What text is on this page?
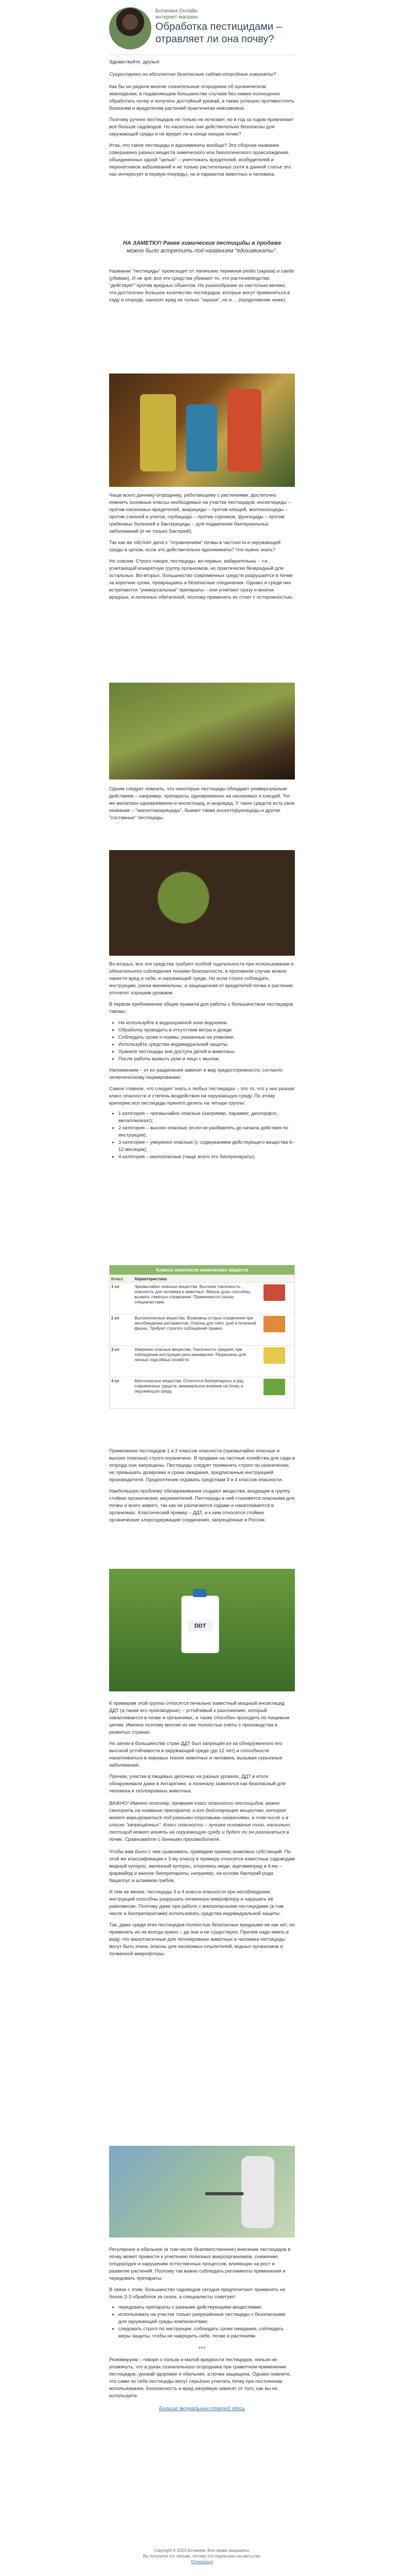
Ботаника Онлайн
интернет-магазин
Обработка пестицидами – отравляет ли она почву?

Здравствуйте, друзья!

Существуют ли абсолютно безопасные садово-огородные химикаты?

Как бы ни рядили многие сознательные огородники об органическом земледелии, в подавляющем большинстве случаев без химии полноценно обработать почву и получить достойный урожай, а также успешно противостоять болезням и вредителям растений практически невозможно.

Поэтому ручное пестицидов не только не исчезает, но и год за годом привлекает всё больше садоводов. Но насколько они действительно безопасны для окружающей среды и не вредят ли в конце концов почве?

Итак, что такое пестициды и ядохимикаты вообще? Это сборное название совершенно разных веществ химического или биологического происхождения, объединенных одной "целью" – уничтожать вредителей, возбудителей и переносчиков заболеваний и не только растительных (хотя в данной статье это нас интересует в первую очередь), но и паразитов животных и человека.

НА ЗАМЕТКУ! Ранее химические пестициды в продаже
можно было встретить под названием "ядохимикаты".

Название "пестициды" происходит от латинских терминов pestis (зараза) и caedo (убиваю). И не зря: все эти средства убивают то, что растениеводство "действует" против вредных объектов. Но разнообразие их настолько велико, что достаточно большое количество пестицидов, которые могут применяться в саду и огороде, наносят вред не только "зараза", но и ... (продолжение ниже).

Чаще всего дачнику-огороднику, работающему с растениями, достаточно помнить основные классы необходимых на участке пестицидов: инсектициды – против насекомых-вредителей, акарициды – против клещей, моллюскоциды – против слизней и улиток, гербициды – против сорняков, фунгициды – против грибковых болезней и бактерициды – для подавления бактериальных заболеваний (и не только бактерий).

Так как же обстоит дело с "отравлением" почвы в частности и окружающей среды в целом, если это действительно ядохимикаты? Что нужно знать?

Не совсем. Строго говоря, пестициды, во-первых, избирательны – т.е., угнетающий конкретную группу организмов, но практически безвредный для остальных. Во-вторых, большинство современных средств разрушается в почве за короткие сроки, превращаясь в безопасные соединения. Однако и среди них встречаются "универсальные" препараты – они угнетают сразу и многих вредных, и полезных обитателей, поэтому применять их стоит с осторожностью.

Одним следует помнить, что некоторые пестициды обладают универсальным действием – например, препараты, одновременно на насекомых и клещей. Тот же малатион одновременно и инсектицид, и акарицид. У таких средств есть свое название – "инсектоакарициды", бывает также инсектофунгициды и другие "составные" пестициды.

Во-вторых, все эти средства требуют особой тщательности при использовании и обязательного соблюдения техники безопасности, в противном случае можно нанести вред и себе, и окружающей среде. Но если строго соблюдать инструкцию, риски минимальны, а защищенная от вредителей почва и растения отплатят хорошим урожаем.

В первом приближении общие правила для работы с большинством пестицидов таковы:

• Не используйте в водоохранной зоне водоемов.
• Обработку проводить в отсутствие ветра и дождя.
• Соблюдать сроки и нормы, указанные на упаковке.
• Используйте средства индивидуальной защиты.
• Храните пестициды вне доступа детей и животных.
• После работы вымыть руки и лицо с мылом.

Напоминаем – от их разделения зависит и вид предосторожности, согласно гигиеническому нормированию:

Самое главное, что следует знать о любых пестицидах – это то, что у них разная класс опасности и степень воздействия на окружающую среду. По этому критерию все пестициды принято делить на четыре группы:

• 1 категория – чрезвычайно опасные (например, паракват, дихлорфос, металлилизат);
• 2 категория – высоко опасные (если не разбавлять до начала действия по инструкции);
• 3 категория – умеренно опасные (с содержанием действующего вещества 6–12 месяцев);
• 4 категория – малоопасные (чаще всего это биопрепараты).
Классы опасности химических веществ
Класс	Характеристика
1 кл	Чрезвычайно опасные вещества. Высокая токсичность, опасность для человека и животных. Малые дозы способны вызвать тяжёлые отравления. Применяются только специалистами.
2 кл	Высокоопасные вещества. Возможны острые отравления при несоблюдении регламентов. Опасны для пчёл, рыб и полезной фауны. Требуют строгого соблюдения правил.
3 кл	Умеренно опасные вещества. Токсичность средняя; при соблюдении инструкции риск минимален. Разрешены для личных подсобных хозяйств.
4 кл	Малоопасные вещества. Относятся биопрепараты и ряд современных средств; минимальное влияние на почву и окружающую среду.

Применение пестицидов 1 и 2 классов опасности (чрезвычайно опасные и высоко опасные) строго ограничено. В продаже на частные хозяйства для сада и огорода они запрещены. Пестициды следует применять строго по назначению, не превышать дозировки и сроки ожидания, предписанные инструкцией производителя. Предпочтение отдавать средствам 3 и 4 классов опасности.

Наибольшую проблему обезвреживания создают вещества, входящие в группу стойких органических загрязнителей. Пестициды в ней становятся опасными для почвы и всего живого, так как не разлагаются годами и накапливаются в организмах. Классический пример – ДДТ, и к ним относятся стойкие органические хлорсодержащие соединения, запрещённые в России.

DDT

К примерам этой группы относятся печально известный мощный инсектицид ДДТ (а также его производные) – устойчивый к разложению, который накапливается в почве и организмах, а также способен проходить по пищевым цепям. Именно поэтому многие из них полностью сняты с производства в развитых странах.

Но затем в большинстве стран ДДТ был запрещён из-за обнаруженного его высокой устойчивости в окружающей среде (до 12 лет) и способности накапливаться в жировых тканях животных и человека, вызывая серьезные заболевания.

Причем, участки в пищевых цепочках на разных уровнях, ДДТ в итоге обнаруживали даже в Антарктике, а поначалу заявлялся как безопасный для человека и теплокровных животных.

ВАЖНО! Именно поэтому, проверяя класс опасности пестицидов, важно смотреть на название препарата, а его действующее вещество, которое может варьироваться под разными торговыми названиями, в том числе и в списке "запрещённых". Класс опасности – лучшее основание того, насколько пестицид может влиять на окружающую среду и будет ли он разлагаться в почве. Сравнивайте с данными производителя.

Чтобы вам было с чем сравнивать, приведем пример знакомых субстанций. По этой же классификации к 3-му классу в примеру относятся известные садоводам медный купорос, железный купорос, хлорокись меди, ацетамиприд и 4-му – фармайод и многие биопрепараты, например, на основе бактерий рода бациллус и штаммов грибов.

И тем не менее, пестициды 3 и 4 класса опасности при несоблюдении инструкций способны разрушать почвенную микрофлору и нарушать её равновесие. Поэтому даже при работе с малоопасными пестицидами (в том числе и биопрепаратами) использовать средства индивидуальной защиты.

Так, даже среди этих пестицидов полностью безопасных вредными не как нет, но применять их не всегда нужно – да они и не существуют. Причём надо иметь в виду, что малотоксичные для теплокровных животных и человека пестициды могут быть очень опасны для насекомых-опылителей, водных организмов и почвенной микрофлоры.

Регулярное и обильное (в том числе безответственное) внесение пестицидов в почву может привести к угнетению полезных микроорганизмов, снижению плодородия и нарушению естественных процессов, влияющих на рост и развитие растений. Поэтому так важно соблюдать регламенты применения и чередовать препараты.

В связи с этим, большинство садоводов сегодня предпочитают применять не более 2-3 обработок за сезон, а специалисты советуют:

• чередовать препараты с разными действующими веществами;
• использовать на участке только разрешённые пестициды с безопасными для окружающей среды компонентами;
• следовать строго по инструкции, соблюдать сроки ожидания, соблюдать меры защиты, чтобы не навредить себе, почве и растениям.
***

Резюмируем – говоря о пользе и малой вредности пестицидов, нельзя не упомянуть, что в руках сознательного огородника при грамотном применении пестицидов, урожай здоровее и обильнее, а почва защищена. Однако помните, что сами по себе пестициды могут серьёзно угнетать почву при постоянном использовании. Безопасность и вред напрямую зависят от того, как вы их используете.

Больше актуальных статей здесь

Copyright © 2023 Ботаника. Все права защищены.
Вы получили это письмо, потому что подписаны на рассылку.
Отписаться
